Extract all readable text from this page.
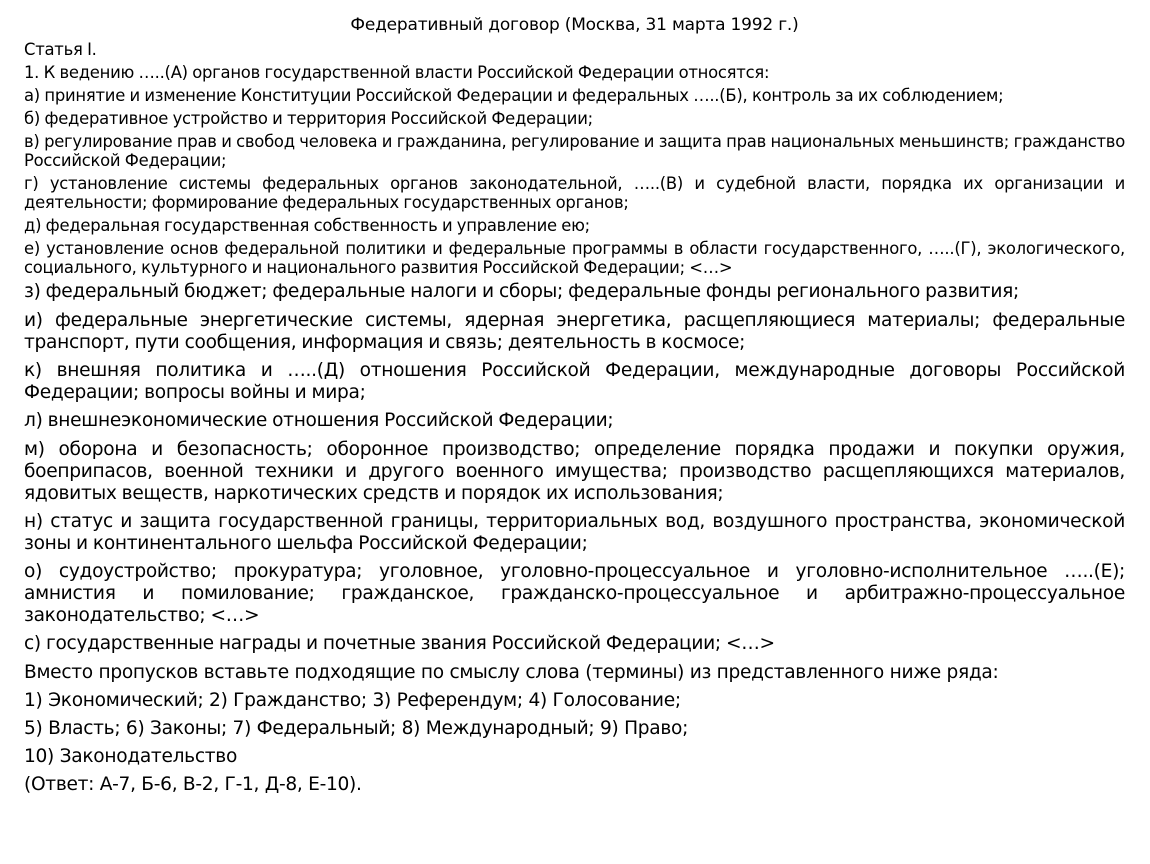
Федеративный договор (Москва, 31 марта 1992 г.)

Статья I.

1. К ведению …..(А) органов государственной власти Российской Федерации относятся:

а) принятие и изменение Конституции Российской Федерации и федеральных …..(Б), контроль за их соблюдением;

б) федеративное устройство и территория Российской Федерации;

в) регулирование прав и свобод человека и гражданина, регулирование и защита прав национальных меньшинств; гражданство Российской Федерации;

г) установление системы федеральных органов законодательной, …..(В) и судебной власти, порядка их организации и деятельности; формирование федеральных государственных органов;

д) федеральная государственная собственность и управление ею;

е) установление основ федеральной политики и федеральные программы в области государственного, …..(Г), экологического, социального, культурного и национального развития Российской Федерации; <…>

з) федеральный бюджет; федеральные налоги и сборы; федеральные фонды регионального развития;

и) федеральные энергетические системы, ядерная энергетика, расщепляющиеся материалы; федеральные транспорт, пути сообщения, информация и связь; деятельность в космосе;

к) внешняя политика и …..(Д) отношения Российской Федерации, международные договоры Российской Федерации; вопросы войны и мира;

л) внешнеэкономические отношения Российской Федерации;

м) оборона и безопасность; оборонное производство; определение порядка продажи и покупки оружия, боеприпасов, военной техники и другого военного имущества; производство расщепляющихся материалов, ядовитых веществ, наркотических средств и порядок их использования;

н) статус и защита государственной границы, территориальных вод, воздушного пространства, экономической зоны и континентального шельфа Российской Федерации;

о) судоустройство; прокуратура; уголовное, уголовно-процессуальное и уголовно-исполнительное …..(Е); амнистия и помилование; гражданское, гражданско-процессуальное и арбитражно-процессуальное законодательство; <…>

с) государственные награды и почетные звания Российской Федерации; <…>

Вместо пропусков вставьте подходящие по смыслу слова (термины) из представленного ниже ряда:

1) Экономический; 2) Гражданство; 3) Референдум; 4) Голосование;

5) Власть; 6) Законы; 7) Федеральный; 8) Международный; 9) Право;

10) Законодательство

(Ответ: А-7, Б-6, В-2, Г-1, Д-8, Е-10).
